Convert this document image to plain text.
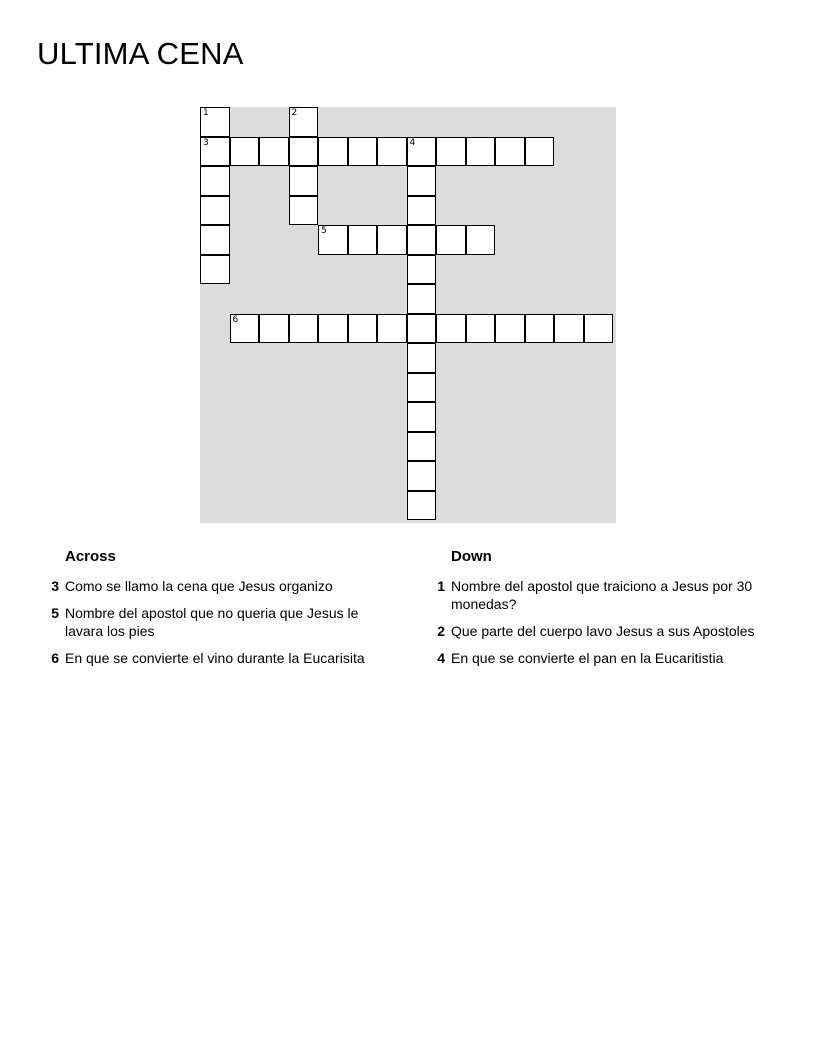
ULTIMA CENA
3	4
5
6
1	2
Across
3 Como se llamo la cena que Jesus organizo
5 Nombre del apostol que no queria que Jesus le lavara los pies
6 En que se convierte el vino durante la Eucarisita
Down
1 Nombre del apostol que traiciono a Jesus por 30 monedas?
2 Que parte del cuerpo lavo Jesus a sus Apostoles
4 En que se convierte el pan en la Eucaritistia
